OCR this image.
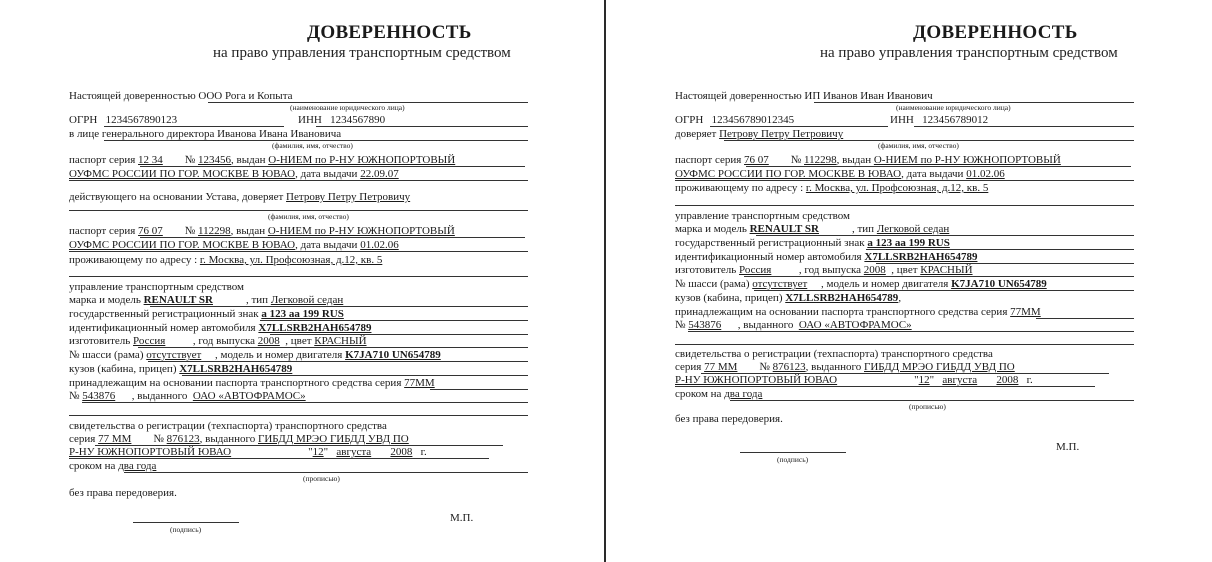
ДОВЕРЕННОСТЬ
на право управления транспортным средством
Настоящей доверенностью ООО Рога и Копыта
(наименование юридического лица)
ОГРН 1234567890123	ИНН 1234567890
в лице генерального директора Иванова Ивана Ивановича
(фамилия, имя, отчество)
паспорт серия 12 34 № 123456, выдан О-НИЕМ по Р-НУ ЮЖНОПОРТОВЫЙ
ОУФМС РОССИИ ПО ГОР. МОСКВЕ В ЮВАО, дата выдачи 22.09.07
действующего на основании Устава, доверяет Петрову Петру Петровичу
(фамилия, имя, отчество)
паспорт серия 76 07 № 112298, выдан О-НИЕМ по Р-НУ ЮЖНОПОРТОВЫЙ
ОУФМС РОССИИ ПО ГОР. МОСКВЕ В ЮВАО, дата выдачи 01.02.06
проживающему по адресу : г. Москва, ул. Профсоюзная, д.12, кв. 5
управление транспортным средством
марка и модель RENAULT SR	, тип Легковой седан
государственный регистрационный знак а 123 аа 199 RUS
идентификационный номер автомобиля X7LLSRB2HAH654789
изготовитель Россия	, год выпуска 2008 , цвет КРАСНЫЙ
№ шасси (рама) отсутствует , модель и номер двигателя K7JA710 UN654789
кузов (кабина, прицеп) X7LLSRB2HAH654789
принадлежащим на основании паспорта транспортного средства серия 77ММ
№ 543876 , выданного ОАО «АВТОФРАМОС»
свидетельства о регистрации (техпаспорта) транспортного средства
серия 77 ММ № 876123, выданного ГИБДД МРЭО ГИБДД УВД ПО
Р-НУ ЮЖНОПОРТОВЫЙ ЮВАО	"12" августа 2008 г.
сроком на два года
(прописью)
без права передоверия.
(подпись)
М.П.
ДОВЕРЕННОСТЬ
на право управления транспортным средством
Настоящей доверенностью ИП Иванов Иван Иванович
(наименование юридического лица)
ОГРН 123456789012345	ИНН 123456789012
доверяет Петрову Петру Петровичу
(фамилия, имя, отчество)
паспорт серия 76 07 № 112298, выдан О-НИЕМ по Р-НУ ЮЖНОПОРТОВЫЙ
ОУФМС РОССИИ ПО ГОР. МОСКВЕ В ЮВАО, дата выдачи 01.02.06
проживающему по адресу : г. Москва, ул. Профсоюзная, д.12, кв. 5
управление транспортным средством
марка и модель RENAULT SR	, тип Легковой седан
государственный регистрационный знак а 123 аа 199 RUS
идентификационный номер автомобиля X7LLSRB2HAH654789
изготовитель Россия	, год выпуска 2008 , цвет КРАСНЫЙ
№ шасси (рама) отсутствует , модель и номер двигателя K7JA710 UN654789
кузов (кабина, прицеп) X7LLSRB2HAH654789,
принадлежащим на основании паспорта транспортного средства серия 77ММ
№ 543876 , выданного ОАО «АВТОФРАМОС»
свидетельства о регистрации (техпаспорта) транспортного средства
серия 77 ММ № 876123, выданного ГИБДД МРЭО ГИБДД УВД ПО
Р-НУ ЮЖНОПОРТОВЫЙ ЮВАО	"12" августа 2008 г.
сроком на два года
(прописью)
без права передоверия.
(подпись)
М.П.
